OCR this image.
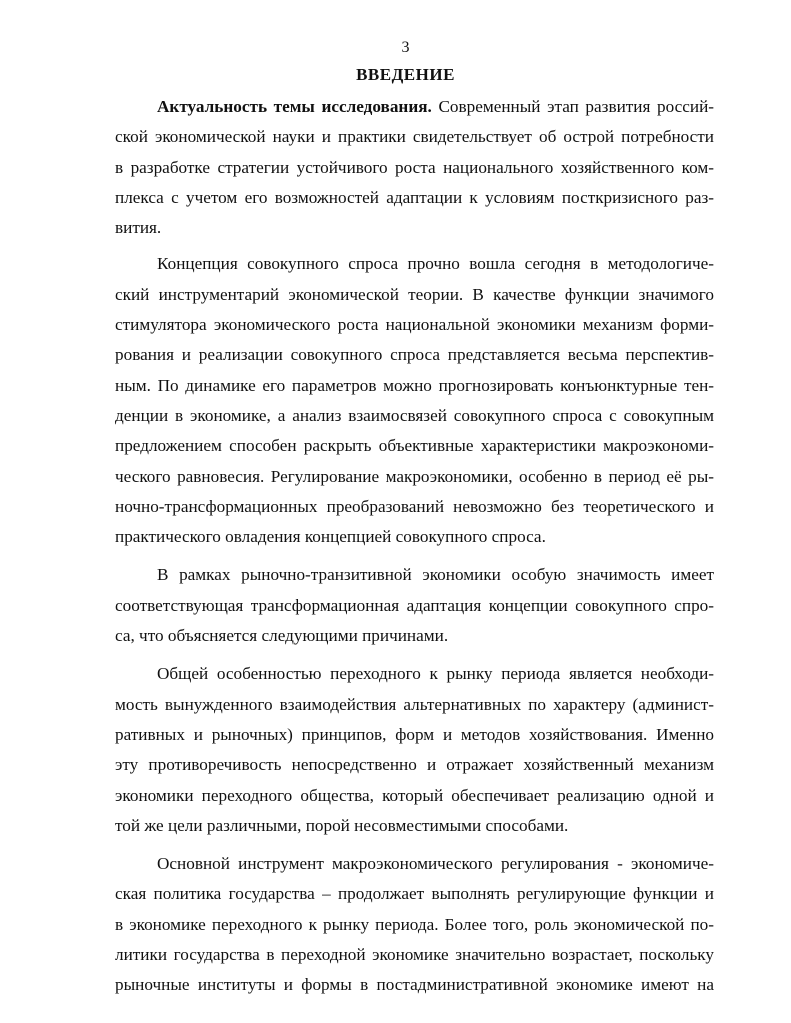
3
ВВЕДЕНИЕ
Актуальность темы исследования. Современный этап развития россий-
ской экономической науки и практики свидетельствует об острой потребности
в разработке стратегии устойчивого роста национального хозяйственного ком-
плекса с учетом его возможностей адаптации к условиям посткризисного раз-
вития.
Концепция совокупного спроса прочно вошла сегодня в методологиче-
ский инструментарий экономической теории. В качестве функции значимого
стимулятора экономического роста национальной экономики механизм форми-
рования и реализации совокупного спроса представляется весьма перспектив-
ным. По динамике его параметров можно прогнозировать конъюнктурные тен-
денции в экономике, а анализ взаимосвязей совокупного спроса с совокупным
предложением способен раскрыть объективные характеристики макроэкономи-
ческого равновесия. Регулирование макроэкономики, особенно в период её ры-
ночно-трансформационных преобразований невозможно без теоретического и
практического овладения концепцией совокупного спроса.
В рамках рыночно-транзитивной экономики особую значимость имеет
соответствующая трансформационная адаптация концепции совокупного спро-
са, что объясняется следующими причинами.
Общей особенностью переходного к рынку периода является необходи-
мость вынужденного взаимодействия альтернативных по характеру (админист-
ративных и рыночных) принципов, форм и методов хозяйствования. Именно
эту противоречивость непосредственно и отражает хозяйственный механизм
экономики переходного общества, который обеспечивает реализацию одной и
той же цели различными, порой несовместимыми способами.
Основной инструмент макроэкономического регулирования - экономиче-
ская политика государства – продолжает выполнять регулирующие функции и
в экономике переходного к рынку периода. Более того, роль экономической по-
литики государства в переходной экономике значительно возрастает, поскольку
рыночные институты и формы в постадминистративной экономике имеют на
